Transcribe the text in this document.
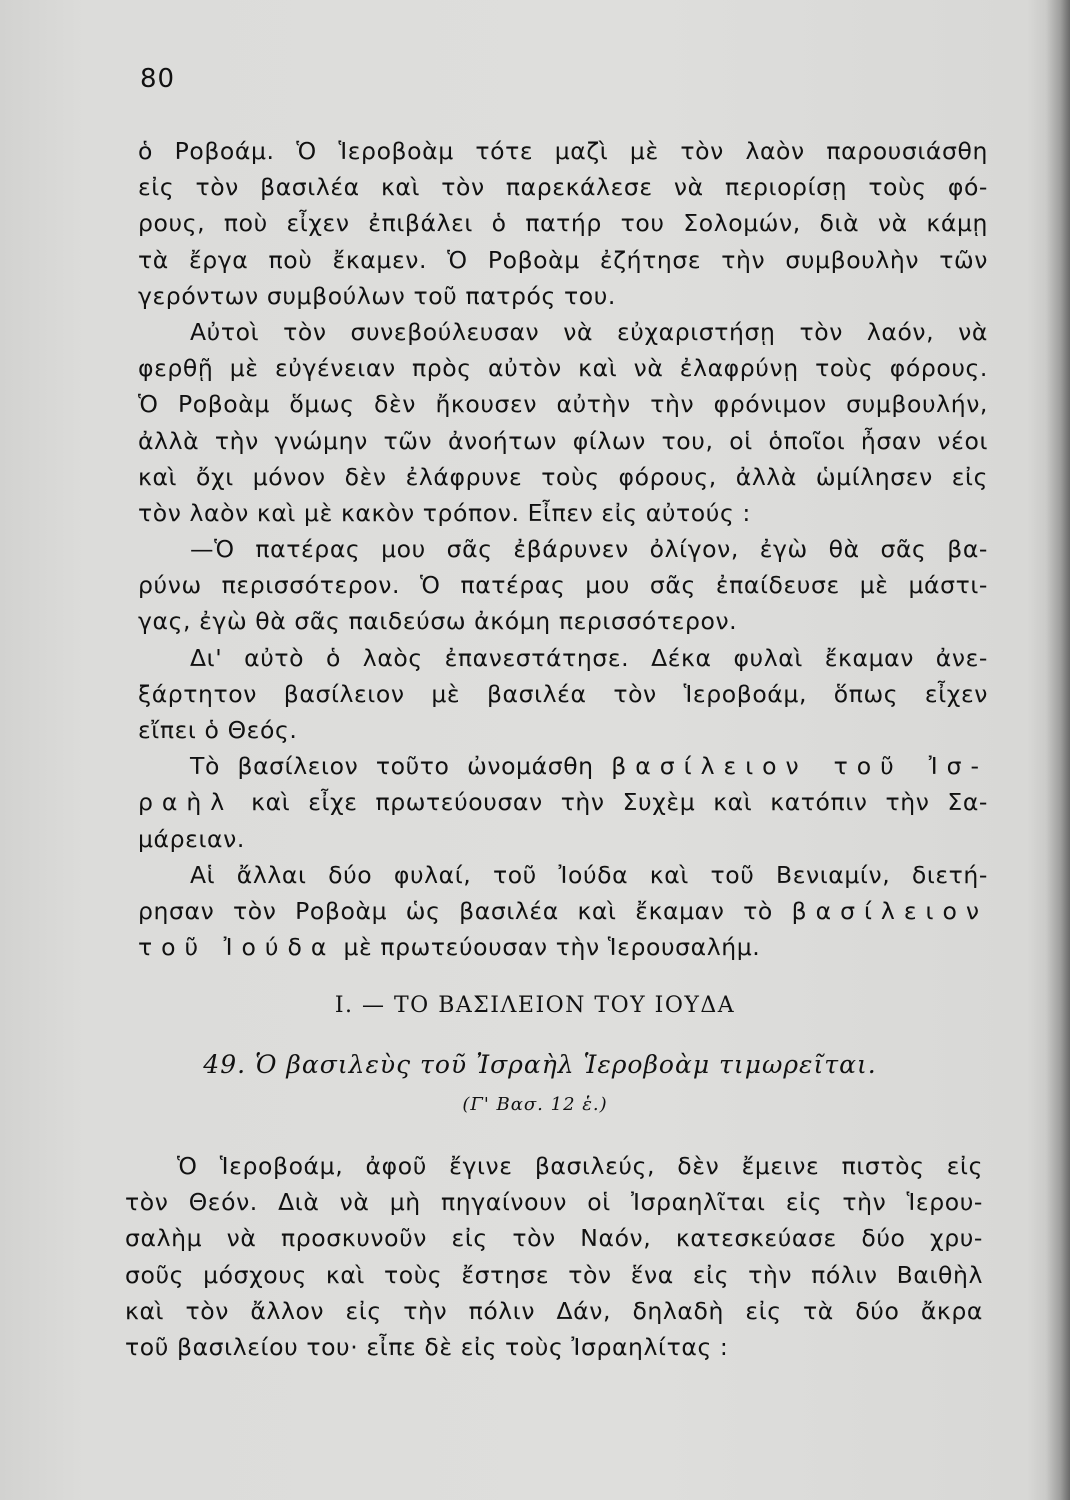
80
ὁ Ροβοάμ. Ὁ Ἱεροβοὰμ τότε μαζὶ μὲ τὸν λαὸν παρουσιάσθη
εἰς τὸν βασιλέα καὶ τὸν παρεκάλεσε νὰ περιορίσῃ τοὺς φό-
ρους, ποὺ εἶχεν ἐπιβάλει ὁ πατήρ του Σολομών, διὰ νὰ κάμῃ
τὰ ἔργα ποὺ ἔκαμεν. Ὁ Ροβοὰμ ἐζήτησε τὴν συμβουλὴν τῶν
γερόντων συμβούλων τοῦ πατρός του.
Αὐτοὶ τὸν συνεβούλευσαν νὰ εὐχαριστήσῃ τὸν λαόν, νὰ
φερθῇ μὲ εὐγένειαν πρὸς αὐτὸν καὶ νὰ ἐλαφρύνῃ τοὺς φόρους.
Ὁ Ροβοὰμ ὅμως δὲν ἤκουσεν αὐτὴν τὴν φρόνιμον συμβουλήν,
ἀλλὰ τὴν γνώμην τῶν ἀνοήτων φίλων του, οἱ ὁποῖοι ἦσαν νέοι
καὶ ὄχι μόνον δὲν ἐλάφρυνε τοὺς φόρους, ἀλλὰ ὡμίλησεν εἰς
τὸν λαὸν καὶ μὲ κακὸν τρόπον. Εἶπεν εἰς αὐτούς :
—Ὁ πατέρας μου σᾶς ἐβάρυνεν ὀλίγον, ἐγὼ θὰ σᾶς βα-
ρύνω περισσότερον. Ὁ πατέρας μου σᾶς ἐπαίδευσε μὲ μάστι-
γας, ἐγὼ θὰ σᾶς παιδεύσω ἀκόμη περισσότερον.
Δι' αὐτὸ ὁ λαὸς ἐπανεστάτησε. Δέκα φυλαὶ ἔκαμαν ἀνε-
ξάρτητον βασίλειον μὲ βασιλέα τὸν Ἱεροβοάμ, ὅπως εἶχεν
εἴπει ὁ Θεός.
Τὸ βασίλειον τοῦτο ὠνομάσθη βασίλειον τοῦ Ἰσ-
ραὴλ καὶ εἶχε πρωτεύουσαν τὴν Συχὲμ καὶ κατόπιν τὴν Σα-
μάρειαν.
Αἱ ἄλλαι δύο φυλαί, τοῦ Ἰούδα καὶ τοῦ Βενιαμίν, διετή-
ρησαν τὸν Ροβοὰμ ὡς βασιλέα καὶ ἔκαμαν τὸ βασίλειον
τοῦ Ἰούδα μὲ πρωτεύουσαν τὴν Ἱερουσαλήμ.
Ι. — ΤΟ ΒΑΣΙΛΕΙΟΝ ΤΟΥ ΙΟΥΔΑ
49. Ὁ βασιλεὺς τοῦ Ἰσραὴλ Ἱεροβοὰμ τιμωρεῖται.
(Γ' Βασ. 12 ἑ.)
Ὁ Ἱεροβοάμ, ἀφοῦ ἔγινε βασιλεύς, δὲν ἔμεινε πιστὸς εἰς
τὸν Θεόν. Διὰ νὰ μὴ πηγαίνουν οἱ Ἰσραηλῖται εἰς τὴν Ἱερου-
σαλὴμ νὰ προσκυνοῦν εἰς τὸν Ναόν, κατεσκεύασε δύο χρυ-
σοῦς μόσχους καὶ τοὺς ἔστησε τὸν ἕνα εἰς τὴν πόλιν Βαιθὴλ
καὶ τὸν ἄλλον εἰς τὴν πόλιν Δάν, δηλαδὴ εἰς τὰ δύο ἄκρα
τοῦ βασιλείου του· εἶπε δὲ εἰς τοὺς Ἰσραηλίτας :
